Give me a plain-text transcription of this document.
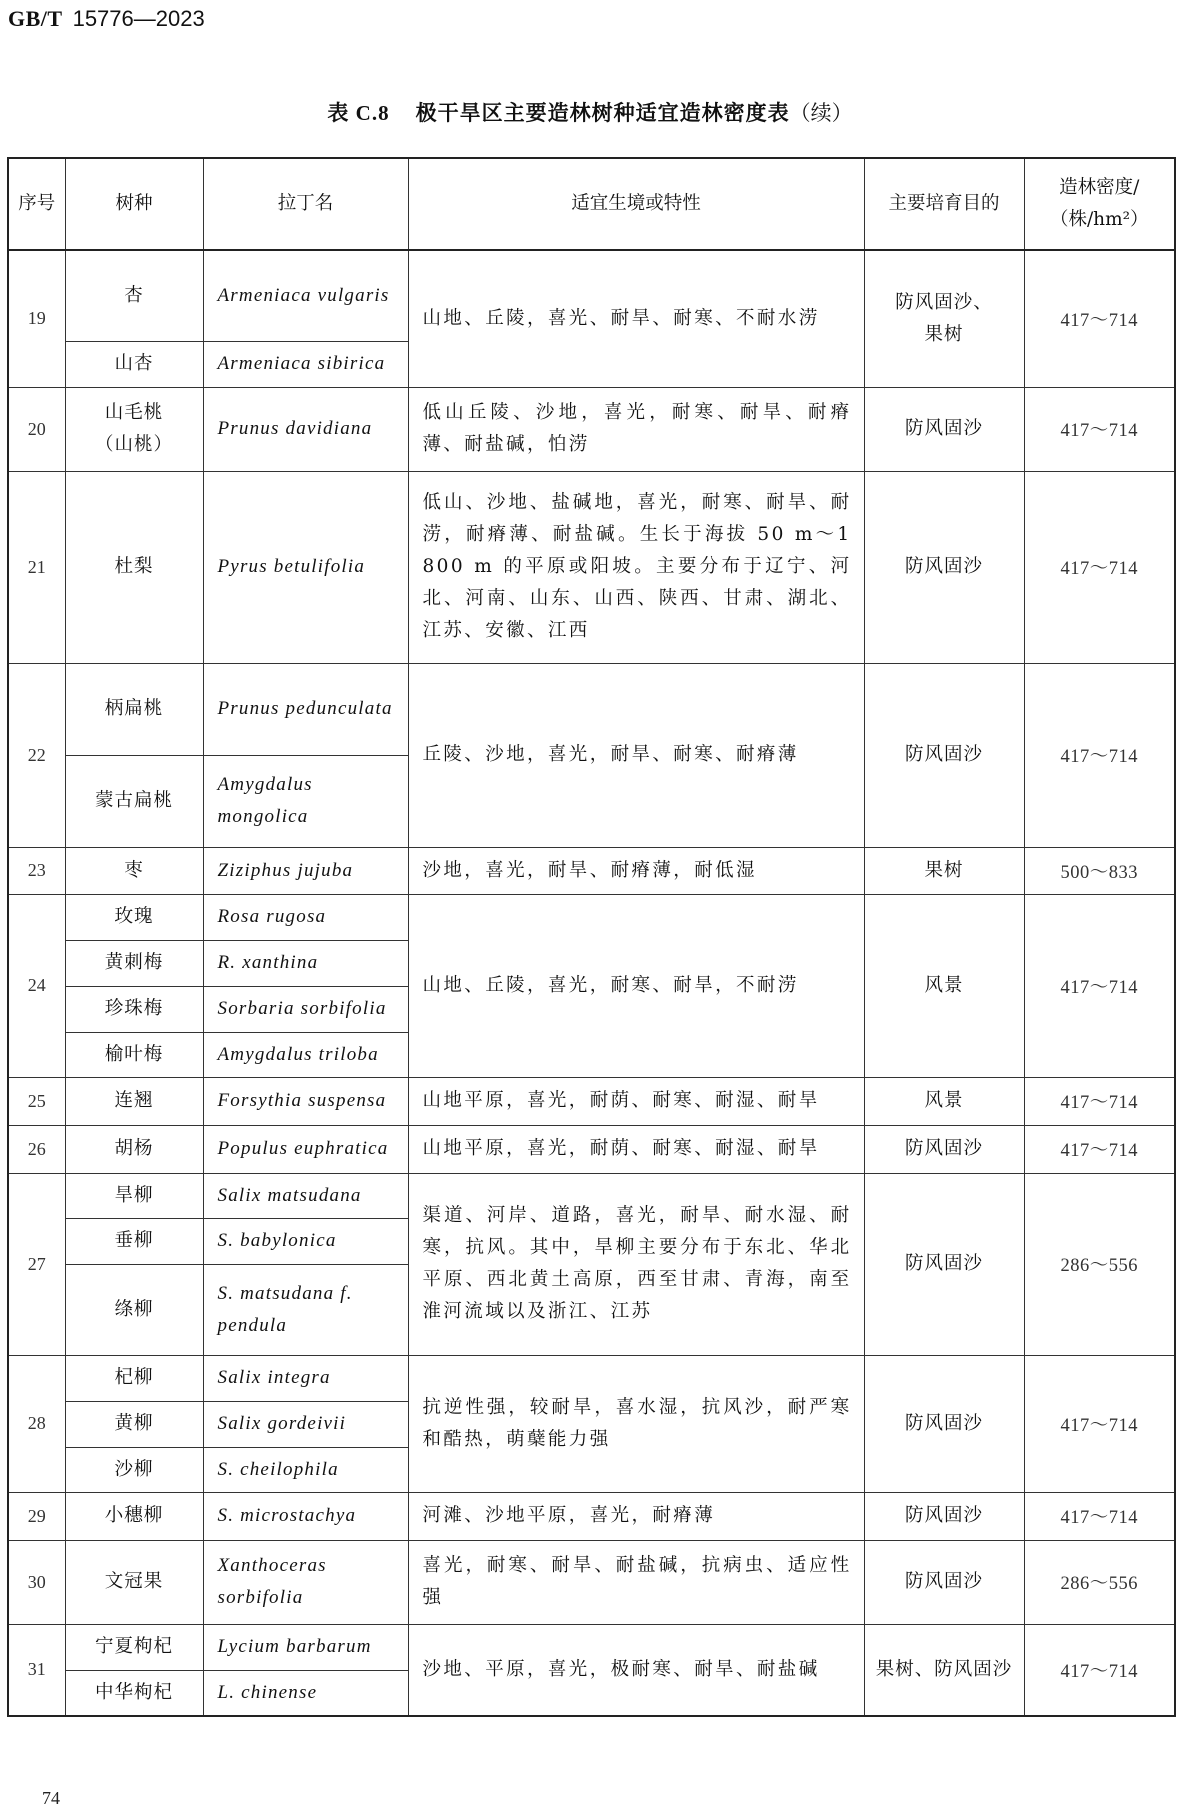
GB/T 15776—2023
表 C.8 极干旱区主要造林树种适宜造林密度表（续）
序号	树种	拉丁名	适宜生境或特性	主要培育目的	造林密度/
（株/hm²）

19	杏	Armeniaca vulgaris	山地、丘陵，喜光、耐旱、耐寒、不耐水涝	防风固沙、
果树	417～714
	山杏	Armeniaca sibirica			
20	山毛桃
（山桃）	Prunus davidiana	低山丘陵、沙地，喜光，耐寒、耐旱、耐瘠薄、耐盐碱，怕涝	防风固沙	417～714
21	杜梨	Pyrus betulifolia	低山、沙地、盐碱地，喜光，耐寒、耐旱、耐涝，耐瘠薄、耐盐碱。生长于海拔 50 m～1 800 m 的平原或阳坡。主要分布于辽宁、河北、河南、山东、山西、陕西、甘肃、湖北、江苏、安徽、江西	防风固沙	417～714
22	柄扁桃	Prunus pedunculata	丘陵、沙地，喜光，耐旱、耐寒、耐瘠薄	防风固沙	417～714
	蒙古扁桃	Amygdalus mongolica			
23	枣	Ziziphus jujuba	沙地，喜光，耐旱、耐瘠薄，耐低湿	果树	500～833
24	玫瑰	Rosa rugosa	山地、丘陵，喜光，耐寒、耐旱，不耐涝	风景	417～714
	黄刺梅	R. xanthina			
	珍珠梅	Sorbaria sorbifolia			
	榆叶梅	Amygdalus triloba			
25	连翘	Forsythia suspensa	山地平原，喜光，耐荫、耐寒、耐湿、耐旱	风景	417～714
26	胡杨	Populus euphratica	山地平原，喜光，耐荫、耐寒、耐湿、耐旱	防风固沙	417～714
27	旱柳	Salix matsudana	渠道、河岸、道路，喜光，耐旱、耐水湿、耐寒，抗风。其中，旱柳主要分布于东北、华北平原、西北黄土高原，西至甘肃、青海，南至淮河流域以及浙江、江苏	防风固沙	286～556
	垂柳	S. babylonica			
	绦柳	S. matsudana f. pendula			
28	杞柳	Salix integra	抗逆性强，较耐旱，喜水湿，抗风沙，耐严寒和酷热，萌蘖能力强	防风固沙	417～714
	黄柳	Salix gordeivii			
	沙柳	S. cheilophila			
29	小穗柳	S. microstachya	河滩、沙地平原，喜光，耐瘠薄	防风固沙	417～714
30	文冠果	Xanthoceras sorbifolia	喜光，耐寒、耐旱、耐盐碱，抗病虫、适应性强	防风固沙	286～556
31	宁夏枸杞	Lycium barbarum	沙地、平原，喜光，极耐寒、耐旱、耐盐碱	果树、防风固沙	417～714
	中华枸杞	L. chinense			
74
